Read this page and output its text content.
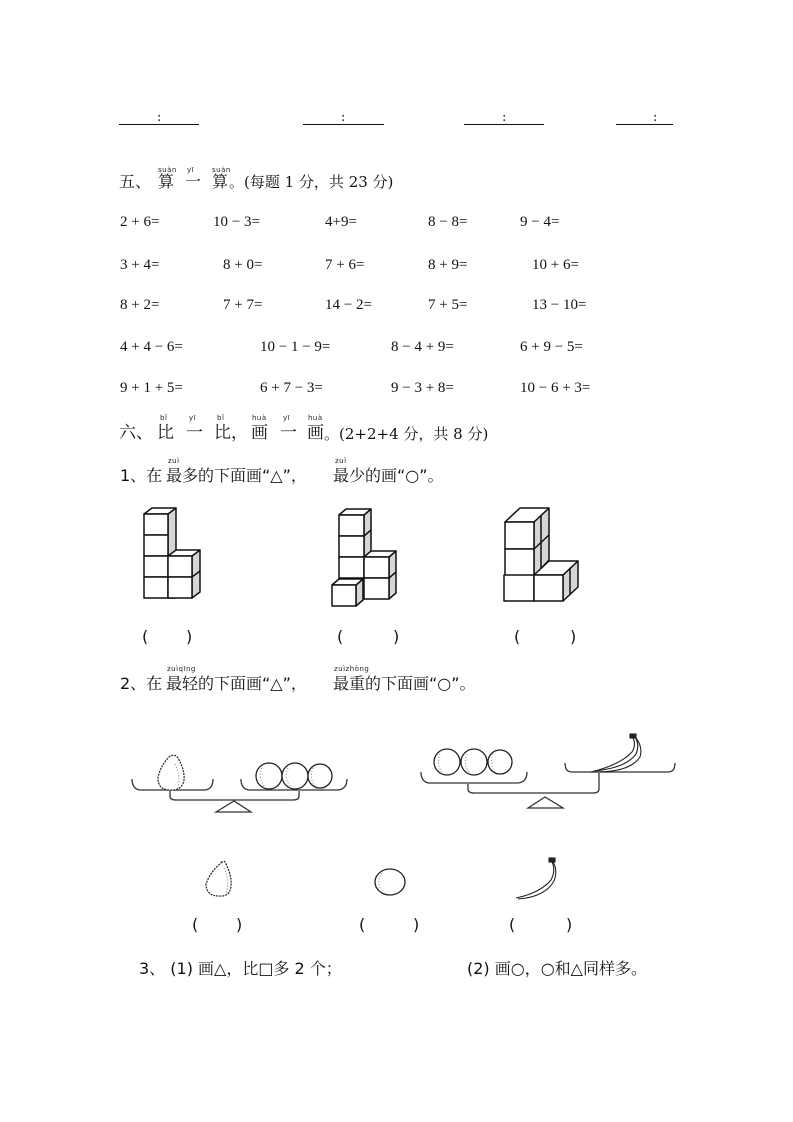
:	:	:	:
五、
suàn
算
yī
一
suàn
算 。(每题 1 分，共 23 分)
2 + 6=	10 − 3=	4+9=	8 − 8=	9 − 4=
3 + 4=	8 + 0=	7 + 6=	8 + 9=	10 + 6=
8 + 2=	7 + 7=	14 − 2=	7 + 5=	13 − 10=
4 + 4 − 6=	10 − 1 − 9=	8 − 4 + 9=	6 + 9 − 5=
9 + 1 + 5=	6 + 7 − 3=	9 − 3 + 8=	10 − 6 + 3=
六、
bǐ
比
yī
一
bǐ
比，
huà
画
yī
一
huà
画 。(2+2+4 分，共 8 分)
1、在
zuì
最 多的下面画“△”，
zuì
最 少的画“○”。
( )	(	)	(	)
2、在
zuìqīng
最轻 的下面画“△”，
zuìzhòng
最重 的下面画“○”。
( )	(	)	(	)
3、 (1) 画△，比□多 2 个；	(2) 画○，○和△同样多。
